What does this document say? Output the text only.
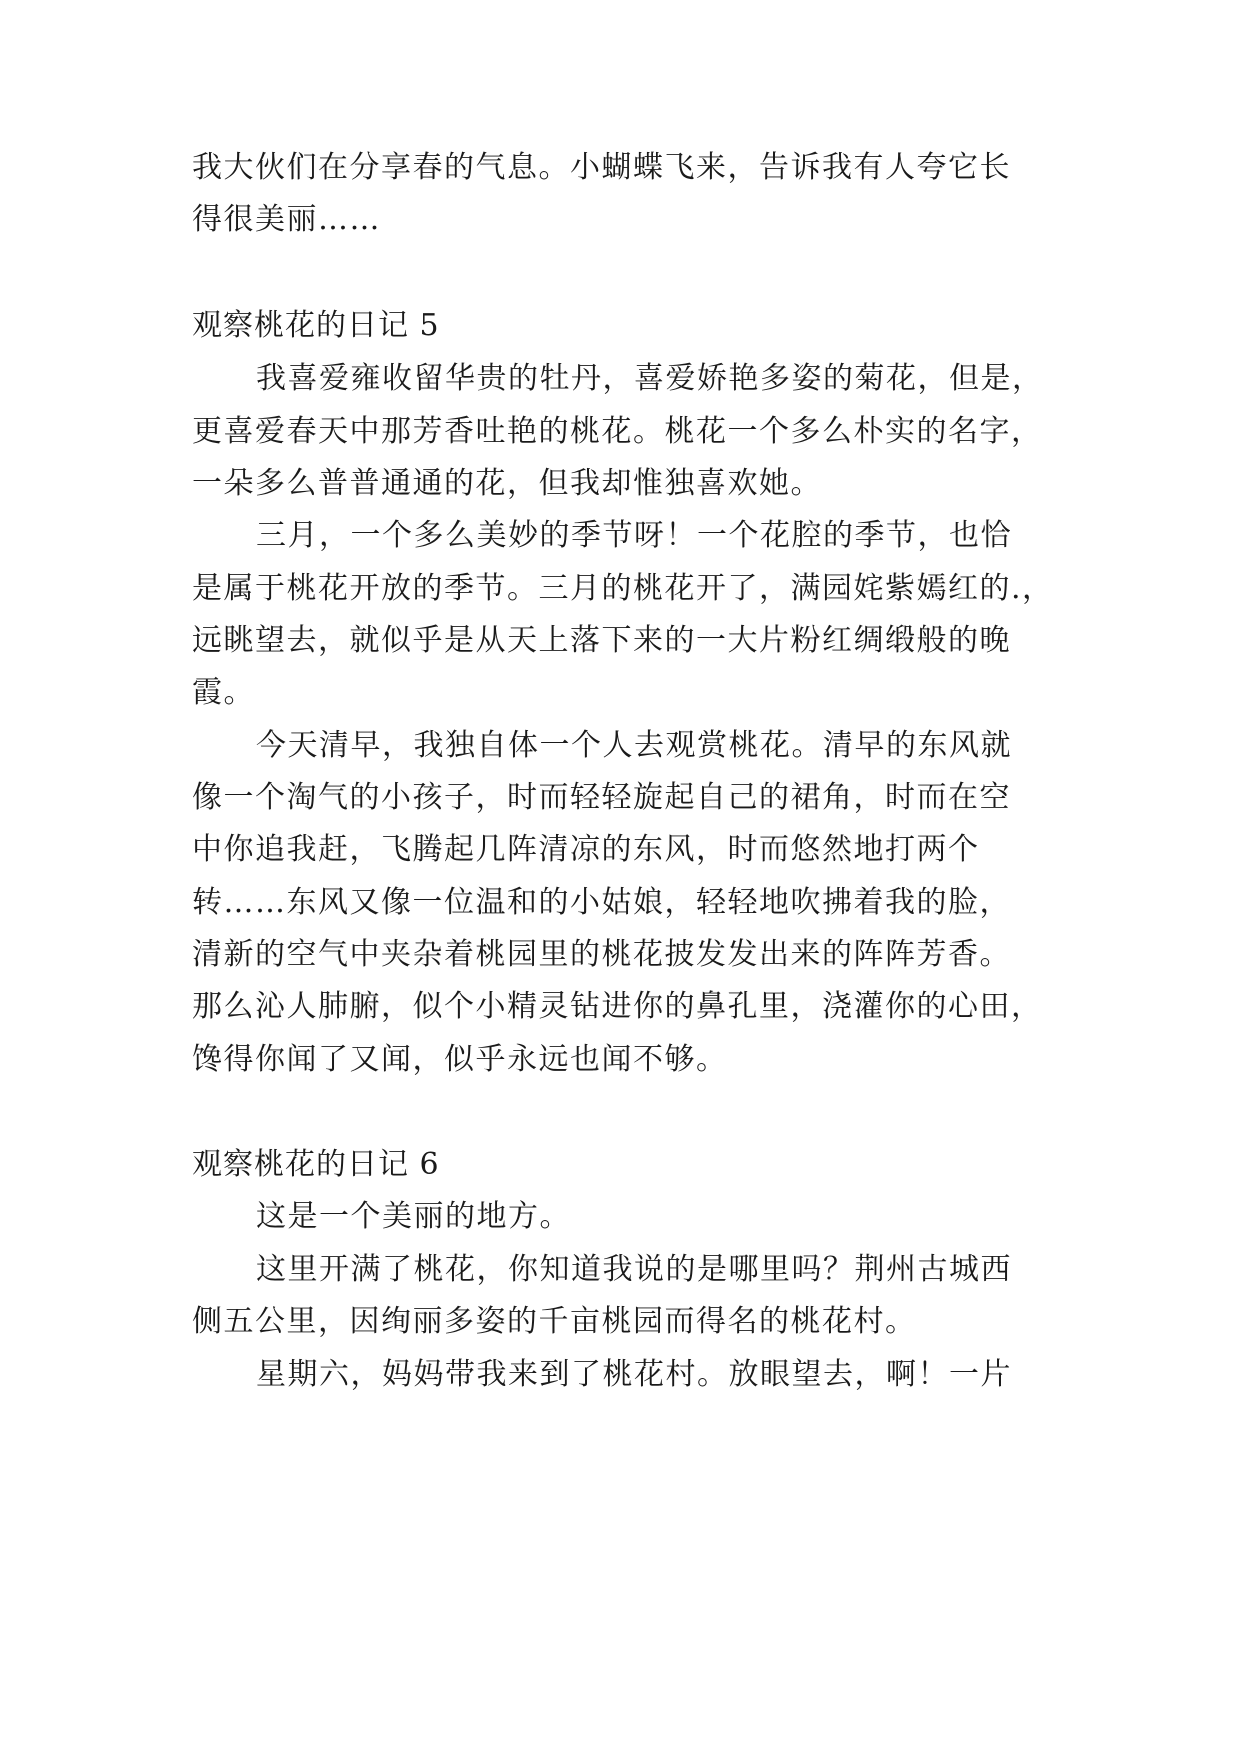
我大伙们在分享春的气息。小蝴蝶飞来，告诉我有人夸它长
得很美丽……
观察桃花的日记 5
我喜爱雍收留华贵的牡丹，喜爱娇艳多姿的菊花，但是，
更喜爱春天中那芳香吐艳的桃花。桃花一个多么朴实的名字，
一朵多么普普通通的花，但我却惟独喜欢她。
三月，一个多么美妙的季节呀！一个花腔的季节，也恰
是属于桃花开放的季节。三月的桃花开了，满园姹紫嫣红的.，
远眺望去，就似乎是从天上落下来的一大片粉红绸缎般的晚
霞。
今天清早，我独自体一个人去观赏桃花。清早的东风就
像一个淘气的小孩子，时而轻轻旋起自己的裙角，时而在空
中你追我赶，飞腾起几阵清凉的东风，时而悠然地打两个
转……东风又像一位温和的小姑娘，轻轻地吹拂着我的脸，
清新的空气中夹杂着桃园里的桃花披发发出来的阵阵芳香。
那么沁人肺腑，似个小精灵钻进你的鼻孔里，浇灌你的心田，
馋得你闻了又闻，似乎永远也闻不够。
观察桃花的日记 6
这是一个美丽的地方。
这里开满了桃花，你知道我说的是哪里吗？荆州古城西
侧五公里，因绚丽多姿的千亩桃园而得名的桃花村。
星期六，妈妈带我来到了桃花村。放眼望去，啊！一片
